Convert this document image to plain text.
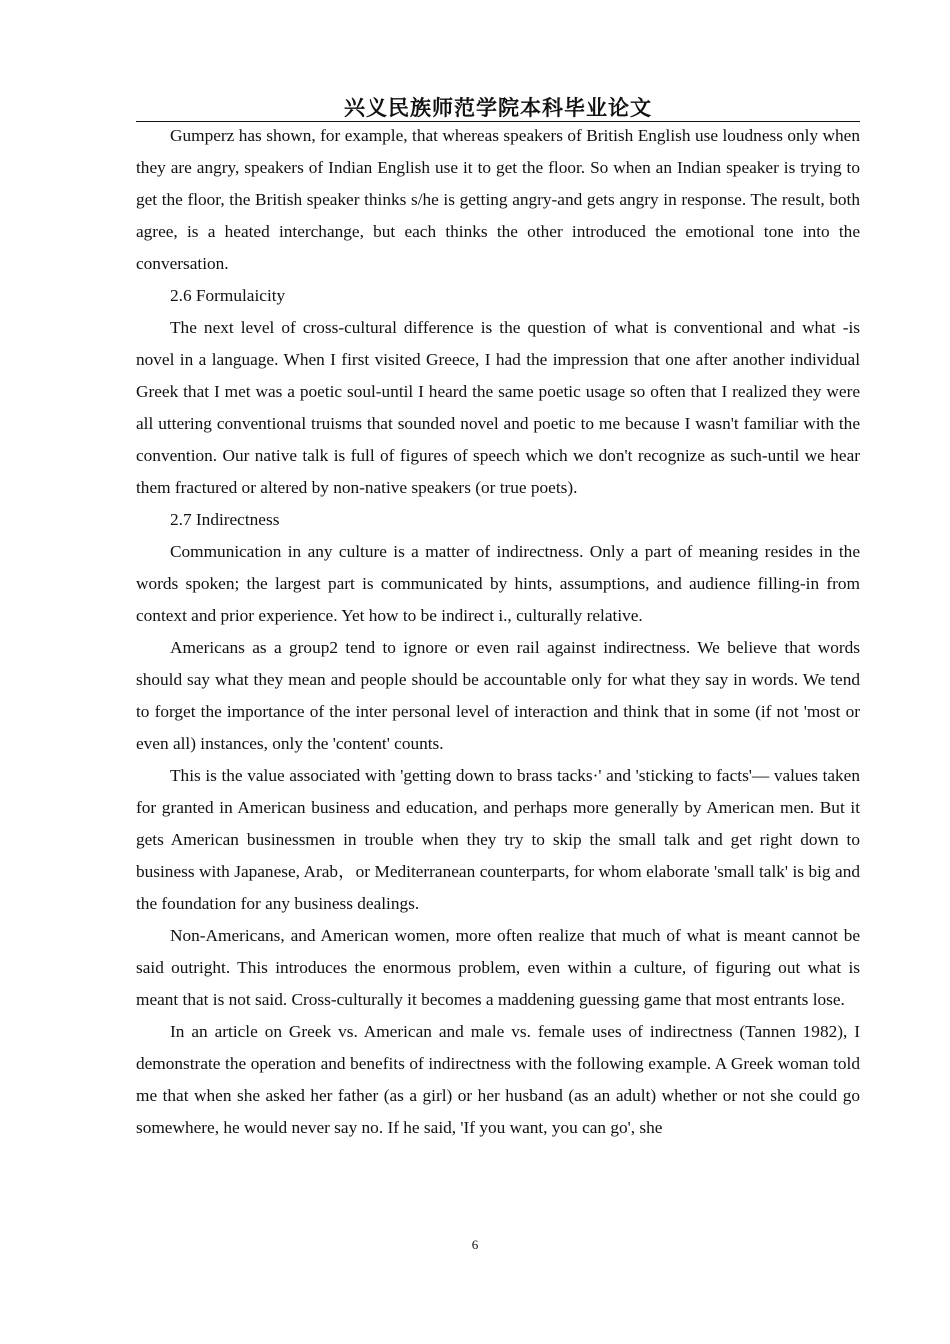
兴义民族师范学院本科毕业论文

Gumperz has shown, for example, that whereas speakers of British English use loudness only when they are angry, speakers of Indian English use it to get the floor. So when an Indian speaker is trying to get the floor, the British speaker thinks s/he is getting angry-and gets angry in response. The result, both agree, is a heated interchange, but each thinks the other introduced the emotional tone into the conversation.

2.6 Formulaicity

The next level of cross-cultural difference is the question of what is conventional and what -is novel in a language. When I first visited Greece, I had the impression that one after another individual Greek that I met was a poetic soul-until I heard the same poetic usage so often that I realized they were all uttering conventional truisms that sounded novel and poetic to me because I wasn't familiar with the convention. Our native talk is full of figures of speech which we don't recognize as such-until we hear them fractured or altered by non-native speakers (or true poets).

2.7 Indirectness

Communication in any culture is a matter of indirectness. Only a part of meaning resides in the words spoken; the largest part is communicated by hints, assumptions, and audience filling-in from context and prior experience. Yet how to be indirect i., culturally relative.

Americans as a group2 tend to ignore or even rail against indirectness. We believe that words should say what they mean and people should be accountable only for what they say in words. We tend to forget the importance of the inter personal level of interaction and think that in some (if not 'most or even all) instances, only the 'content' counts.

This is the value associated with 'getting down to brass tacks·' and 'sticking to facts'— values taken for granted in American business and education, and perhaps more generally by American men. But it gets American businessmen in trouble when they try to skip the small talk and get right down to business with Japanese, Arab，or Mediterranean counterparts, for whom elaborate 'small talk' is big and the foundation for any business dealings.

Non-Americans, and American women, more often realize that much of what is meant cannot be said outright. This introduces the enormous problem, even within a culture, of figuring out what is meant that is not said. Cross-culturally it becomes a maddening guessing game that most entrants lose.

In an article on Greek vs. American and male vs. female uses of indirectness (Tannen 1982), I demonstrate the operation and benefits of indirectness with the following example. A Greek woman told me that when she asked her father (as a girl) or her husband (as an adult) whether or not she could go somewhere, he would never say no. If he said, 'If you want, you can go', she

6
